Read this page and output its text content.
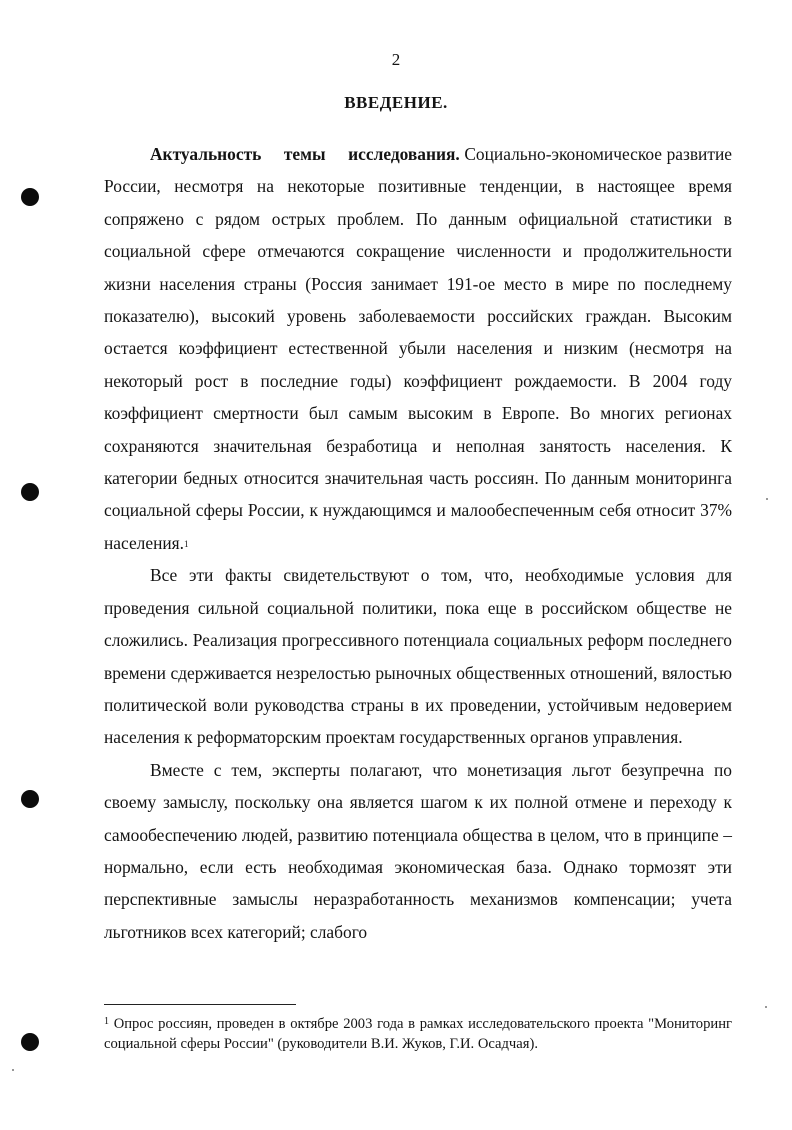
2
ВВЕДЕНИЕ.

Актуальность темы исследования. Социально-экономическое развитие России, несмотря на некоторые позитивные тенденции, в настоящее время сопряжено с рядом острых проблем. По данным официальной статистики в социальной сфере отмечаются сокращение численности и продолжительности жизни населения страны (Россия занимает 191-ое место в мире по последнему показателю), высокий уровень заболеваемости российских граждан. Высоким остается коэффициент естественной убыли населения и низким (несмотря на некоторый рост в последние годы) коэффициент рождаемости. В 2004 году коэффициент смертности был самым высоким в Европе. Во многих регионах сохраняются значительная безработица и неполная занятость населения. К категории бедных относится значительная часть россиян. По данным мониторинга социальной сферы России, к нуждающимся и малообеспеченным себя относит 37% населения.$^1$

Все эти факты свидетельствуют о том, что, необходимые условия для проведения сильной социальной политики, пока еще в российском обществе не сложились. Реализация прогрессивного потенциала социальных реформ последнего времени сдерживается незрелостью рыночных общественных отношений, вялостью политической воли руководства страны в их проведении, устойчивым недоверием населения к реформаторским проектам государственных органов управления.

Вместе с тем, эксперты полагают, что монетизация льгот безупречна по своему замыслу, поскольку она является шагом к их полной отмене и переходу к самообеспечению людей, развитию потенциала общества в целом, что в принципе – нормально, если есть необходимая экономическая база. Однако тормозят эти перспективные замыслы неразработанность механизмов компенсации; учета льготников всех категорий; слабого

$^1$ Опрос россиян, проведен в октябре 2003 года в рамках исследовательского проекта "Мониторинг социальной сферы России" (руководители В.И. Жуков, Г.И. Осадчая).
